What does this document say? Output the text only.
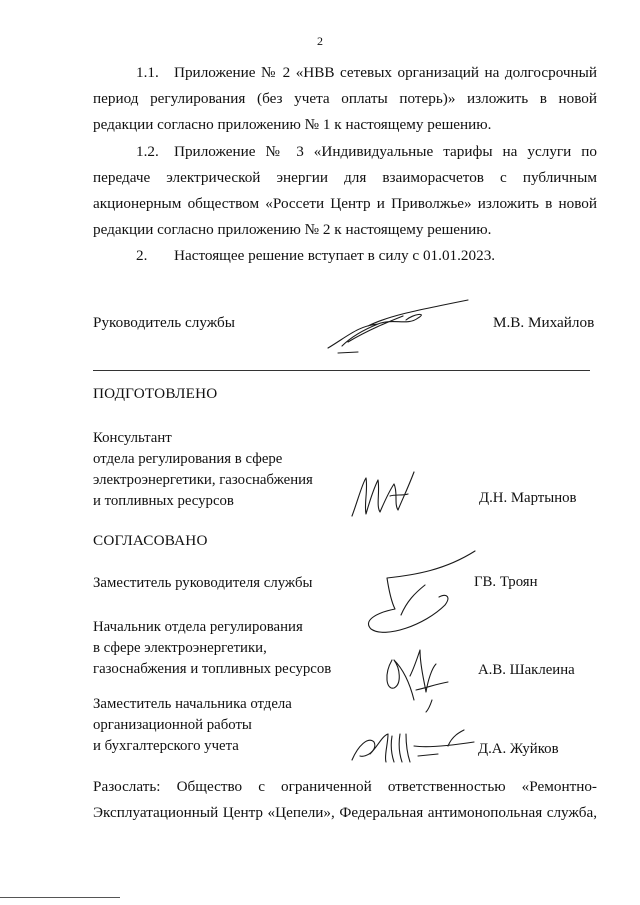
2
1.1. Приложение № 2 «НВВ сетевых организаций на долгосрочный
период регулирования (без учета оплаты потерь)» изложить в новой
редакции согласно приложению № 1 к настоящему решению.
1.2. Приложение № 3 «Индивидуальные тарифы на услуги по
передаче электрической энергии для взаиморасчетов с публичным
акционерным обществом «Россети Центр и Приволжье» изложить в новой
редакции согласно приложению № 2 к настоящему решению.
2. Настоящее решение вступает в силу с 01.01.2023.
Руководитель службы	М.В. Михайлов
ПОДГОТОВЛЕНО
Консультант
отдела регулирования в сфере
электроэнергетики, газоснабжения
и топливных ресурсов	Д.Н. Мартынов
СОГЛАСОВАНО
Заместитель руководителя службы	ГВ. Троян
Начальник отдела регулирования
в сфере электроэнергетики,
газоснабжения и топливных ресурсов	А.В. Шаклеина
Заместитель начальника отдела
организационной работы
и бухгалтерского учета	Д.А. Жуйков
Разослать: Общество с ограниченной ответственностью «Ремонтно-
Эксплуатационный Центр «Цепели», Федеральная антимонопольная служба,
